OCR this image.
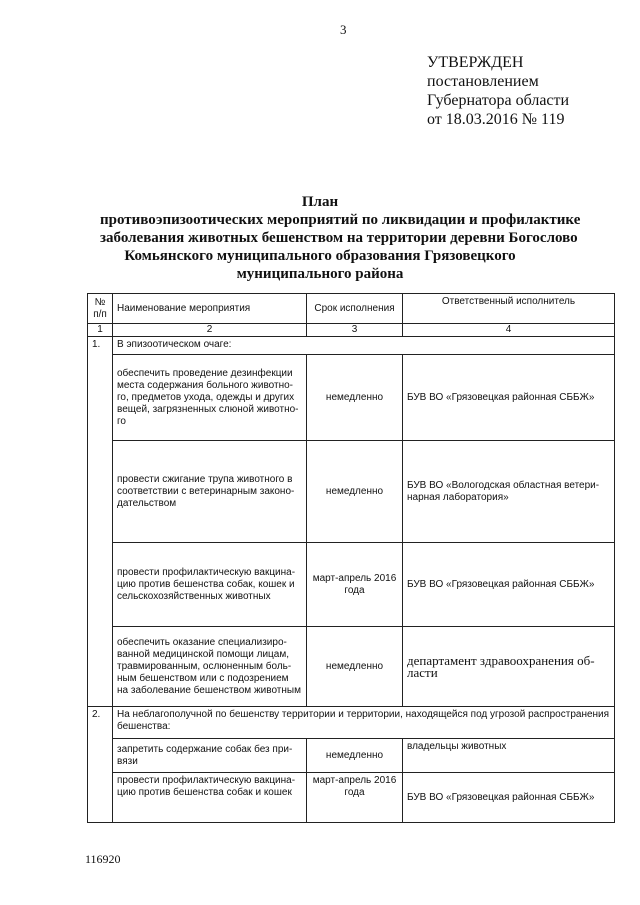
3
УТВЕРЖДЕН
постановлением
Губернатора области
от 18.03.2016 № 119
План
противоэпизоотических мероприятий по ликвидации и профилактике
заболевания животных бешенством на территории деревни Богослово
Комьянского муниципального образования Грязовецкого
муниципального района
№ п/п	Наименование мероприятия	Срок исполнения	Ответственный исполнитель
1	2	3	4
1.	В эпизоотическом очаге:		
	обеспечить проведение дезинфекции места содержания больного животно-го, предметов ухода, одежды и других вещей, загрязненных слюной животно-го	немедленно	БУВ ВО «Грязовецкая районная СББЖ»
	провести сжигание трупа животного в соответствии с ветеринарным законо-дательством	немедленно	БУВ ВО «Вологодская областная ветери-нарная лаборатория»
	провести профилактическую вакцина-цию против бешенства собак, кошек и сельскохозяйственных животных	март-апрель 2016 года	БУВ ВО «Грязовецкая районная СББЖ»
	обеспечить оказание специализиро-ванной медицинской помощи лицам, травмированным, ослюненным боль-ным бешенством или с подозрением на заболевание бешенством животным	немедленно	департамент здравоохранения об-ласти
2.	На неблагополучной по бешенству территории и территории, находящейся под угрозой распространения бешенства:		
	запретить содержание собак без при-вязи	немедленно	владельцы животных
	провести профилактическую вакцина-цию против бешенства собак и кошек	март-апрель 2016 года	БУВ ВО «Грязовецкая районная СББЖ»
116920
